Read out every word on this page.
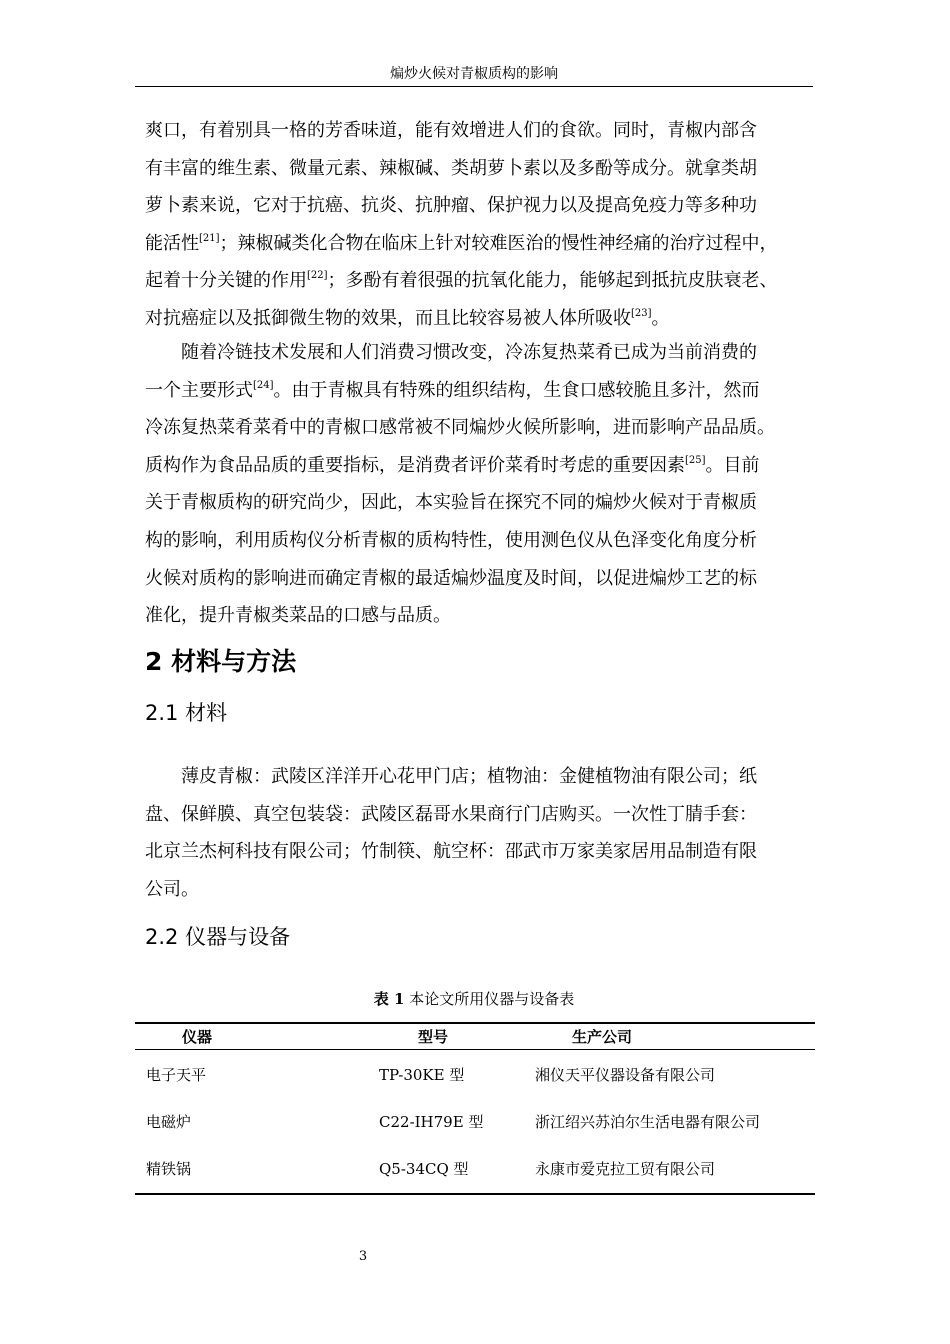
煸炒火候对青椒质构的影响
爽口，有着别具一格的芳香味道，能有效增进人们的食欲。同时，青椒内部含
有丰富的维生素、微量元素、辣椒碱、类胡萝卜素以及多酚等成分。就拿类胡
萝卜素来说，它对于抗癌、抗炎、抗肿瘤、保护视力以及提高免疫力等多种功
能活性[21]；辣椒碱类化合物在临床上针对较难医治的慢性神经痛的治疗过程中，
起着十分关键的作用[22]；多酚有着很强的抗氧化能力，能够起到抵抗皮肤衰老、
对抗癌症以及抵御微生物的效果，而且比较容易被人体所吸收[23]。
随着冷链技术发展和人们消费习惯改变，冷冻复热菜肴已成为当前消费的
一个主要形式[24]。由于青椒具有特殊的组织结构，生食口感较脆且多汁，然而
冷冻复热菜肴菜肴中的青椒口感常被不同煸炒火候所影响，进而影响产品品质。
质构作为食品品质的重要指标，是消费者评价菜肴时考虑的重要因素[25]。目前
关于青椒质构的研究尚少，因此，本实验旨在探究不同的煸炒火候对于青椒质
构的影响，利用质构仪分析青椒的质构特性，使用测色仪从色泽变化角度分析
火候对质构的影响进而确定青椒的最适煸炒温度及时间，以促进煸炒工艺的标
准化，提升青椒类菜品的口感与品质。
2 材料与方法
2.1 材料
薄皮青椒：武陵区洋洋开心花甲门店；植物油：金健植物油有限公司；纸
盘、保鲜膜、真空包装袋：武陵区磊哥水果商行门店购买。一次性丁腈手套：
北京兰杰柯科技有限公司；竹制筷、航空杯：邵武市万家美家居用品制造有限
公司。
2.2 仪器与设备
表 1 本论文所用仪器与设备表
仪器	型号	生产公司
电子天平	TP-30KE 型	湘仪天平仪器设备有限公司
电磁炉	C22-IH79E 型	浙江绍兴苏泊尔生活电器有限公司
精铁锅	Q5-34CQ 型	永康市爱克拉工贸有限公司
3
